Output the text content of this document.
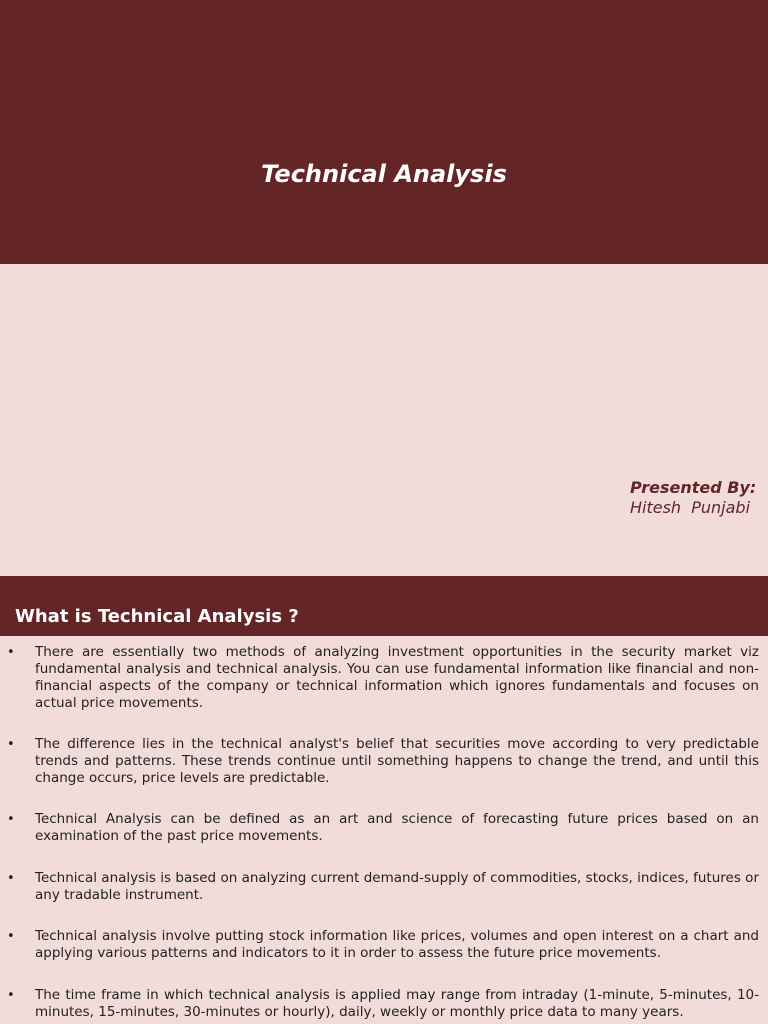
Technical Analysis
Presented By:
Hitesh  Punjabi
What is Technical Analysis ?
• There are essentially two methods of analyzing investment opportunities in the security market viz fundamental analysis and technical analysis. You can use fundamental information like financial and non-financial aspects of the company or technical information which ignores fundamentals and focuses on actual price movements.
• The difference lies in the technical analyst's belief that securities move according to very predictable trends and patterns. These trends continue until something happens to change the trend, and until this change occurs, price levels are predictable.
• Technical Analysis can be defined as an art and science of forecasting future prices based on an examination of the past price movements.
• Technical analysis is based on analyzing current demand-supply of commodities, stocks, indices, futures or any tradable instrument.
• Technical analysis involve putting stock information like prices, volumes and open interest on a chart and applying various patterns and indicators to it in order to assess the future price movements.
• The time frame in which technical analysis is applied may range from intraday (1-minute, 5-minutes, 10-minutes, 15-minutes, 30-minutes or hourly), daily, weekly or monthly price data to many years.
